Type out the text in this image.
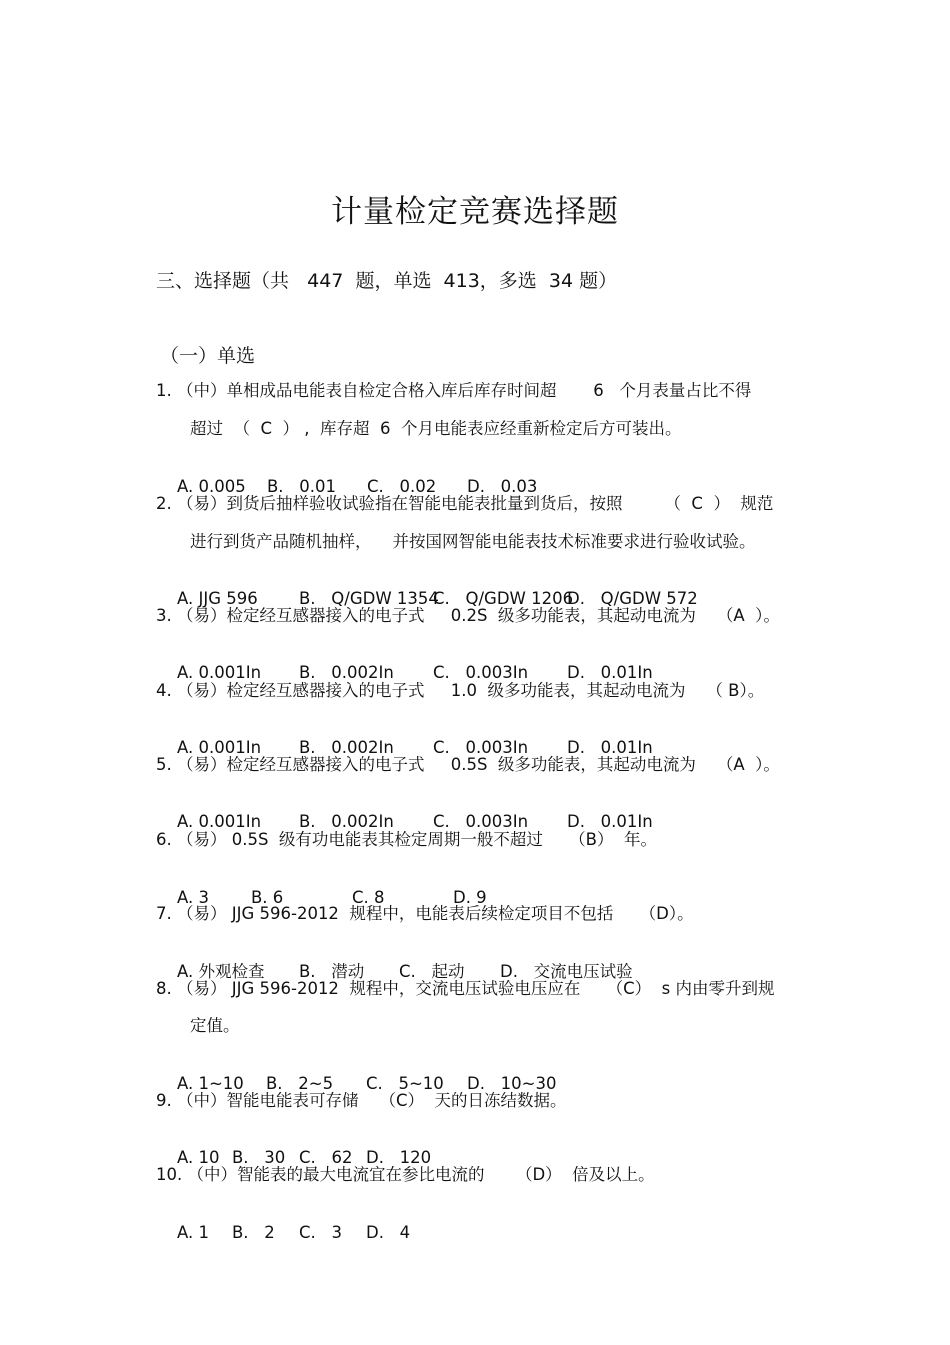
计量检定竞赛选择题
三、选择题（共   447  题，单选  413，多选  34 题）
（一）单选
1. （中）单相成品电能表自检定合格入库后库存时间超       6   个月表量占比不得
超过  （  C  ） ,  库存超  6  个月电能表应经重新检定后方可装出。

A. 0.005 B.   0.01 C.   0.02 D.   0.03

2. （易）到货后抽样验收试验指在智能电能表批量到货后，按照        （  C  ）  规范
进行到货产品随机抽样，    并按国网智能电能表技术标准要求进行验收试验。

A. JJG 596	B.   Q/GDW 1354C.   Q/GDW 1206D.   Q/GDW 572

3. （易）检定经互感器接入的电子式     0.2S  级多功能表，其起动电流为    （A  ）。

A. 0.001In B.   0.002In C.   0.003In D.   0.01In

4. （易）检定经互感器接入的电子式     1.0  级多功能表，其起动电流为    （ B）。

A. 0.001In B.   0.002In C.   0.003In D.   0.01In

5. （易）检定经互感器接入的电子式     0.5S  级多功能表，其起动电流为    （A  ）。

A. 0.001In B.   0.002In C.   0.003In D.   0.01In

6. （易） 0.5S  级有功电能表其检定周期一般不超过     （B）  年。

A. 3	B. 6	C. 8	D. 9

7. （易） JJG 596-2012  规程中，电能表后续检定项目不包括     （D）。

A. 外观检查 B.   潜动 C.   起动 D.   交流电压试验

8. （易） JJG 596-2012  规程中，交流电压试验电压应在     （C）  s 内由零升到规
定值。

A. 1~10 B.   2~5 C.   5~10 D.   10~30

9. （中）智能电能表可存储    （C）  天的日冻结数据。

A. 10 B.   30 C.   62 D.   120

10. （中）智能表的最大电流宜在参比电流的      （D）  倍及以上。

A. 1 B.   2 C.   3 D.   4
